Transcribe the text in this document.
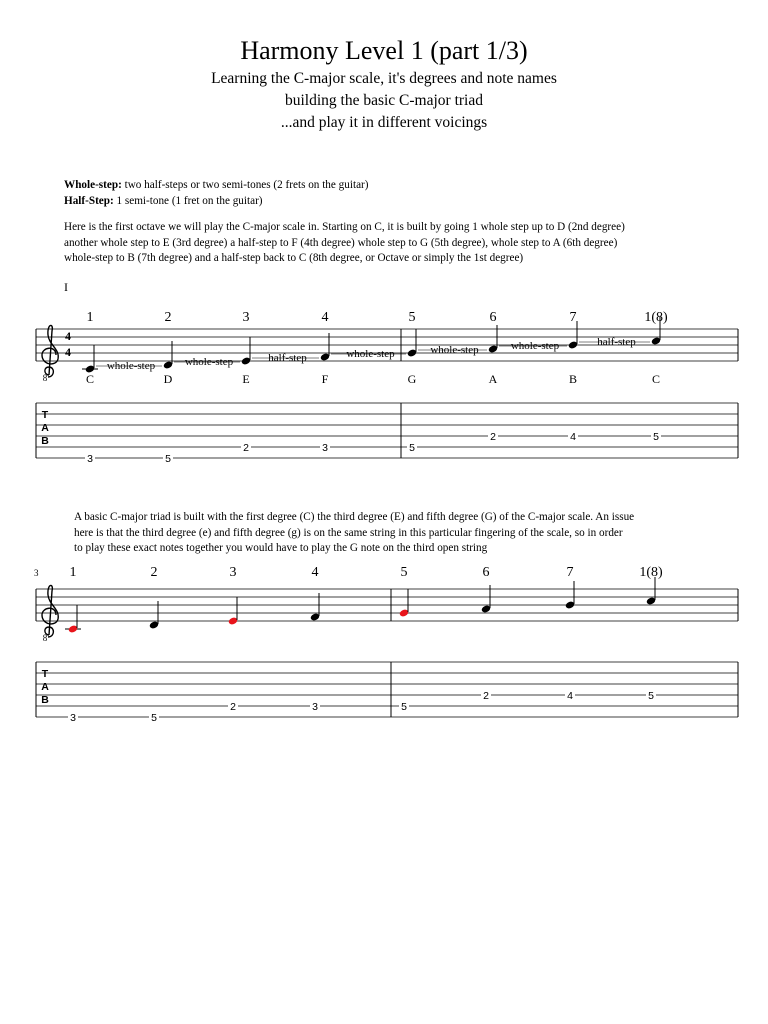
Harmony Level 1 (part 1/3)
Learning the C-major scale, it's degrees and note names
building the basic C-major triad
...and play it in different voicings
Whole-step: two half-steps or two semi-tones (2 frets on the guitar)
Half-Step: 1 semi-tone (1 fret on the guitar)
Here is the first octave we will play the C-major scale in. Starting on C, it is built by going 1 whole step up to D (2nd degree)
another whole step to E (3rd degree) a half-step to F (4th degree) whole step to G (5th degree), whole step to A (6th degree)
whole-step to B (7th degree) and a half-step back to C (8th degree, or Octave or simply the 1st degree)
A basic C-major triad is built with the first degree (C) the third degree (E) and fifth degree (G) of the C-major scale. An issue
here is that the third degree (e) and fifth degree (g) is on the same string in this particular fingering of the scale, so in order
to play these exact notes together you would have to play the G note on the third open string
8
4
4
1	2	3	4	5	6	7	1(8)
C	D	E	F	G	A	B	C
whole-step	whole-step	half-step	whole-step	whole-step	whole-step	half-step
T
A
B
3	5
2	3	5
2	4	5
I
8
1	2	3	4	5	6	7	1(8)
T
A
B
3	5
2	3	5
2	4	5
3
